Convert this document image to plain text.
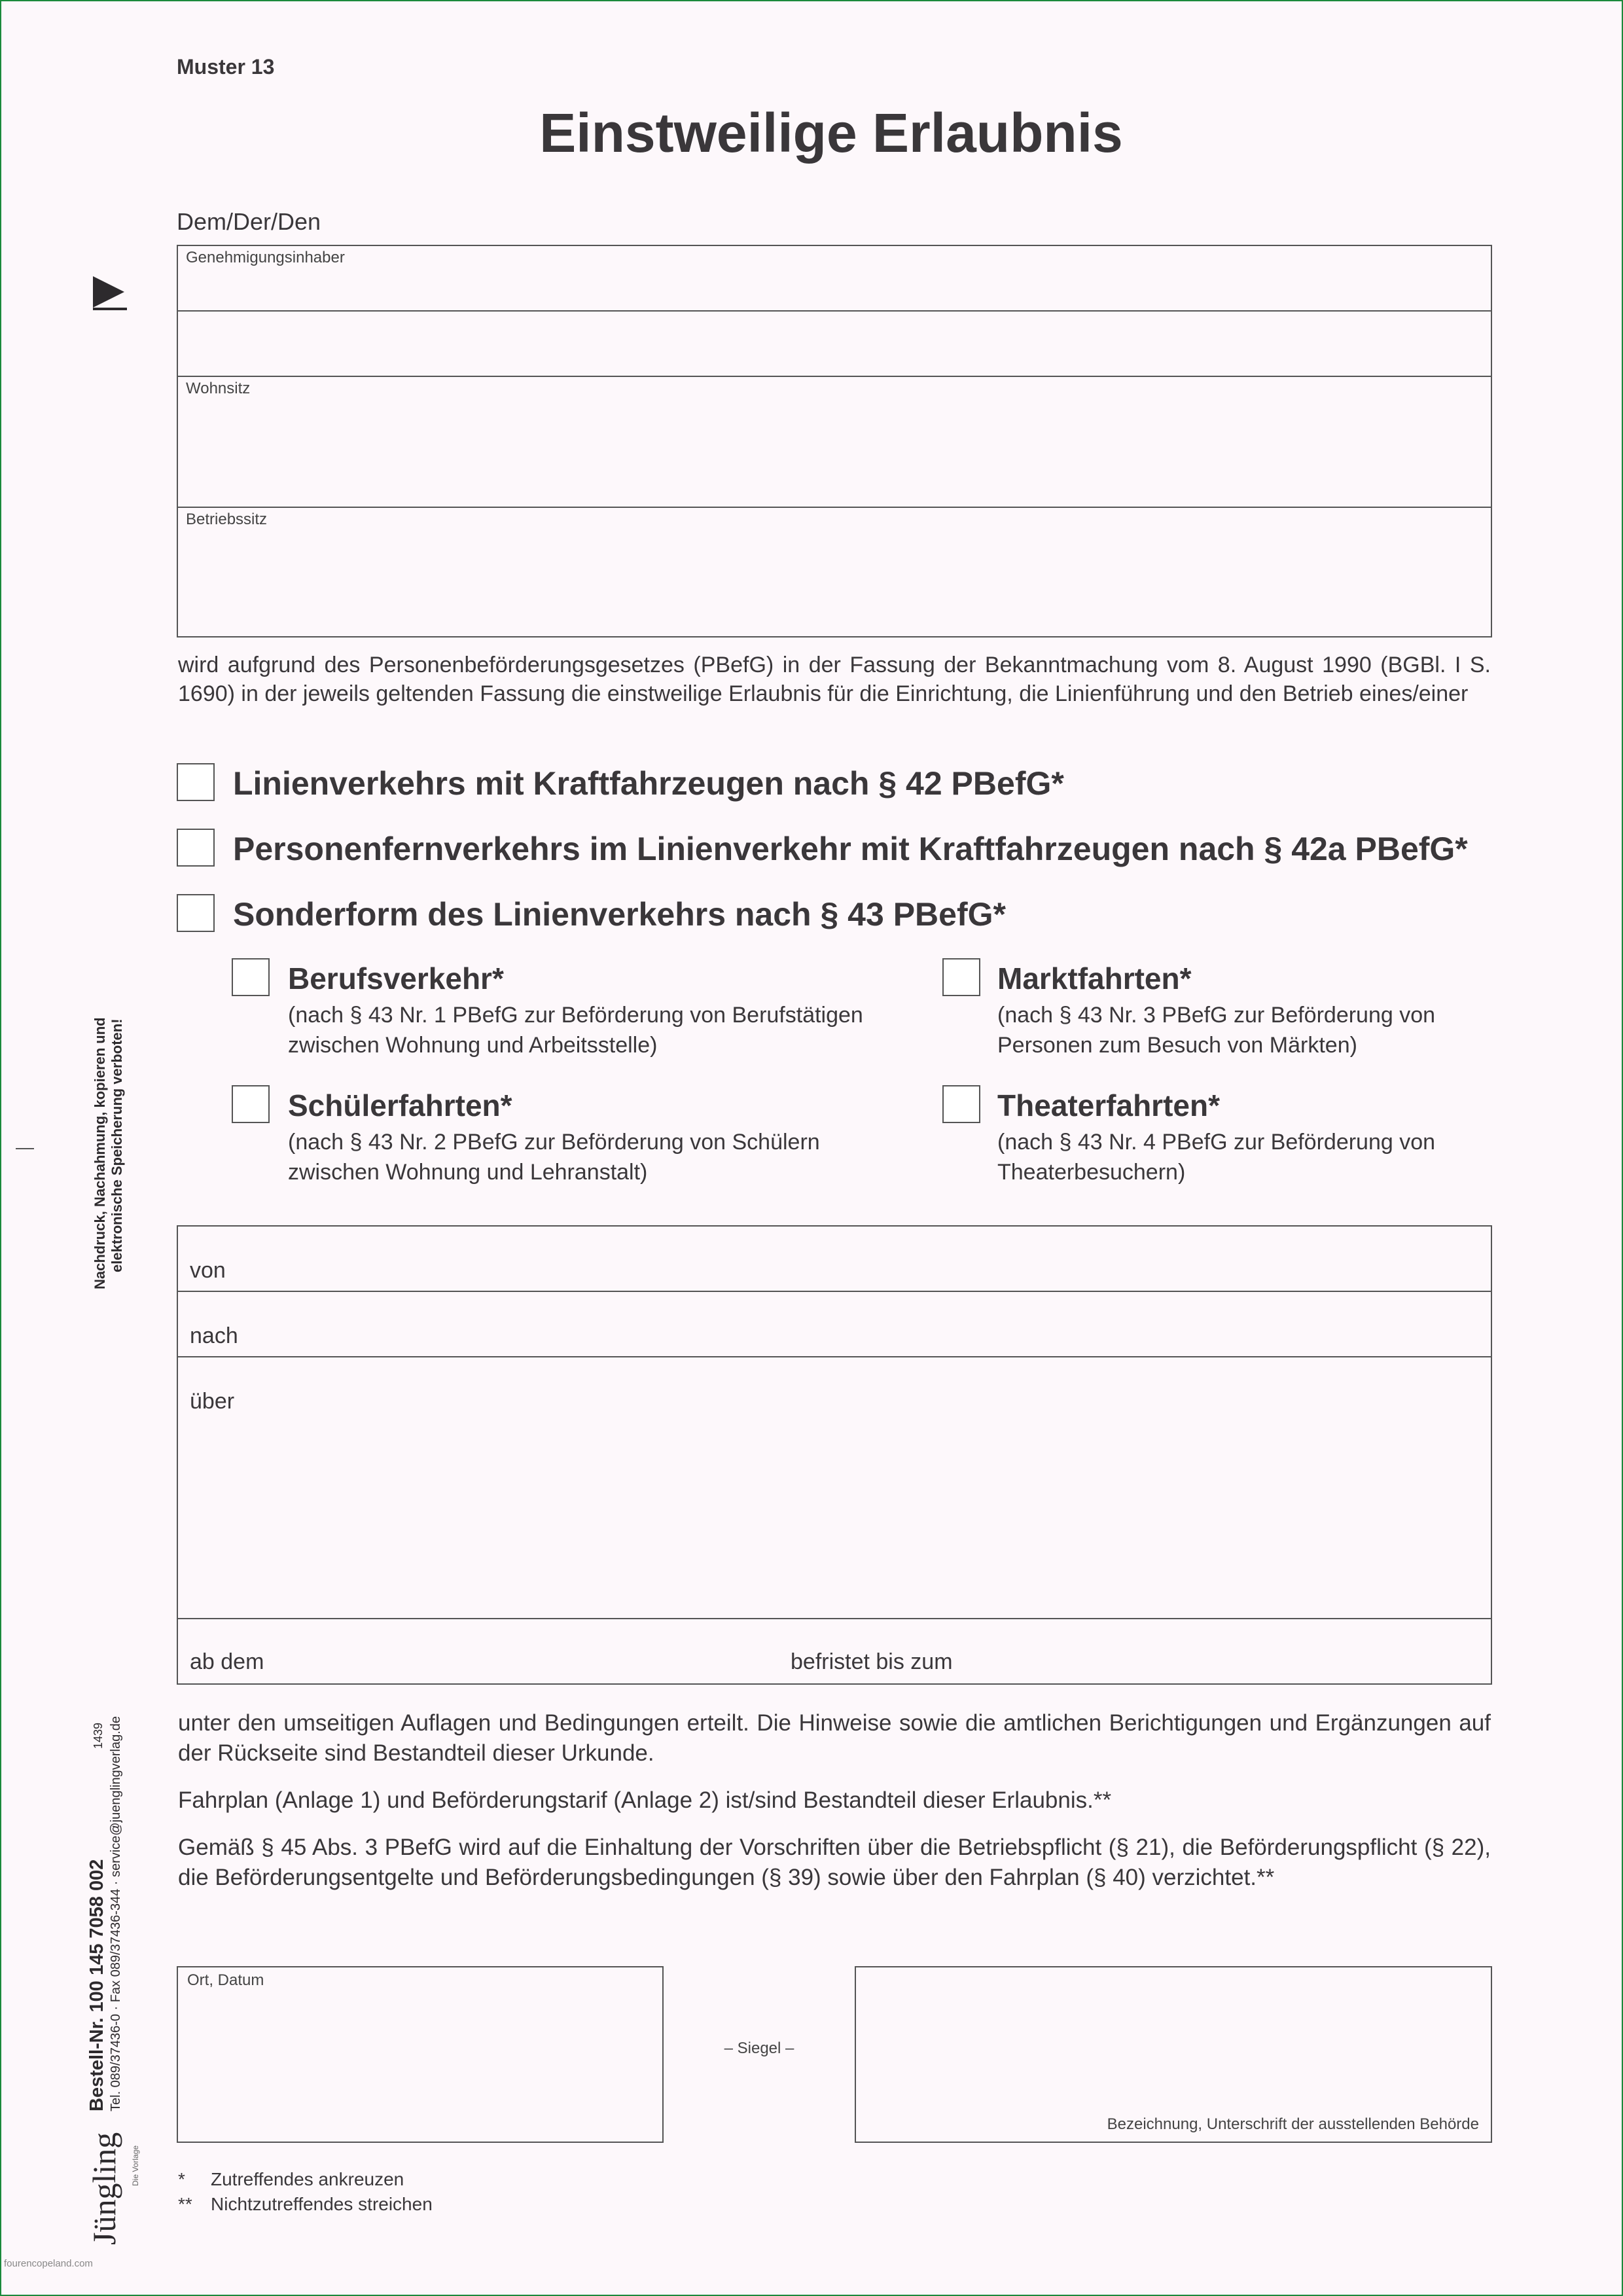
Muster 13
Einstweilige Erlaubnis
Dem/Der/Den
Genehmigungsinhaber
Wohnsitz
Betriebssitz
wird aufgrund des Personenbeförderungsgesetzes (PBefG) in der Fassung der Bekanntmachung vom 8. August 1990 (BGBl. I S. 1690) in der jeweils geltenden Fassung die einstweilige Erlaubnis für die Einrichtung, die Linienführung und den Betrieb eines/einer
Linienverkehrs mit Kraftfahrzeugen nach § 42 PBefG*
Personenfernverkehrs im Linienverkehr mit Kraftfahrzeugen nach § 42a PBefG*
Sonderform des Linienverkehrs nach § 43 PBefG*
Berufsverkehr*
(nach § 43 Nr. 1 PBefG zur Beförderung von Berufstätigen zwischen Wohnung und Arbeitsstelle)
Marktfahrten*
(nach § 43 Nr. 3 PBefG zur Beförderung von Personen zum Besuch von Märkten)
Schülerfahrten*
(nach § 43 Nr. 2 PBefG zur Beförderung von Schülern zwischen Wohnung und Lehranstalt)
Theaterfahrten*
(nach § 43 Nr. 4 PBefG zur Beförderung von Theaterbesuchern)
von
nach
über
ab dem	befristet bis zum
unter den umseitigen Auflagen und Bedingungen erteilt. Die Hinweise sowie die amtlichen Berichtigungen und Ergänzungen auf der Rückseite sind Bestandteil dieser Urkunde.
Fahrplan (Anlage 1) und Beförderungstarif (Anlage 2) ist/sind Bestandteil dieser Erlaubnis.**
Gemäß § 45 Abs. 3 PBefG wird auf die Einhaltung der Vorschriften über die Betriebspflicht (§ 21), die Beförderungspflicht (§ 22), die Beförderungsentgelte und Beförderungsbedingungen (§ 39) sowie über den Fahrplan (§ 40) verzichtet.**
Ort, Datum
– Siegel –
Bezeichnung, Unterschrift der ausstellenden Behörde
* Zutreffendes ankreuzen
** Nichtzutreffendes streichen
Nachdruck, Nachahmung, kopieren und elektronische Speicherung verboten!
Jüngling Die Vorlage
Bestell-Nr. 100 145 7058 002 Tel. 089/37436-0 · Fax 089/37436-344 · service@juenglingverlag.de
1439
fourencopeland.com
